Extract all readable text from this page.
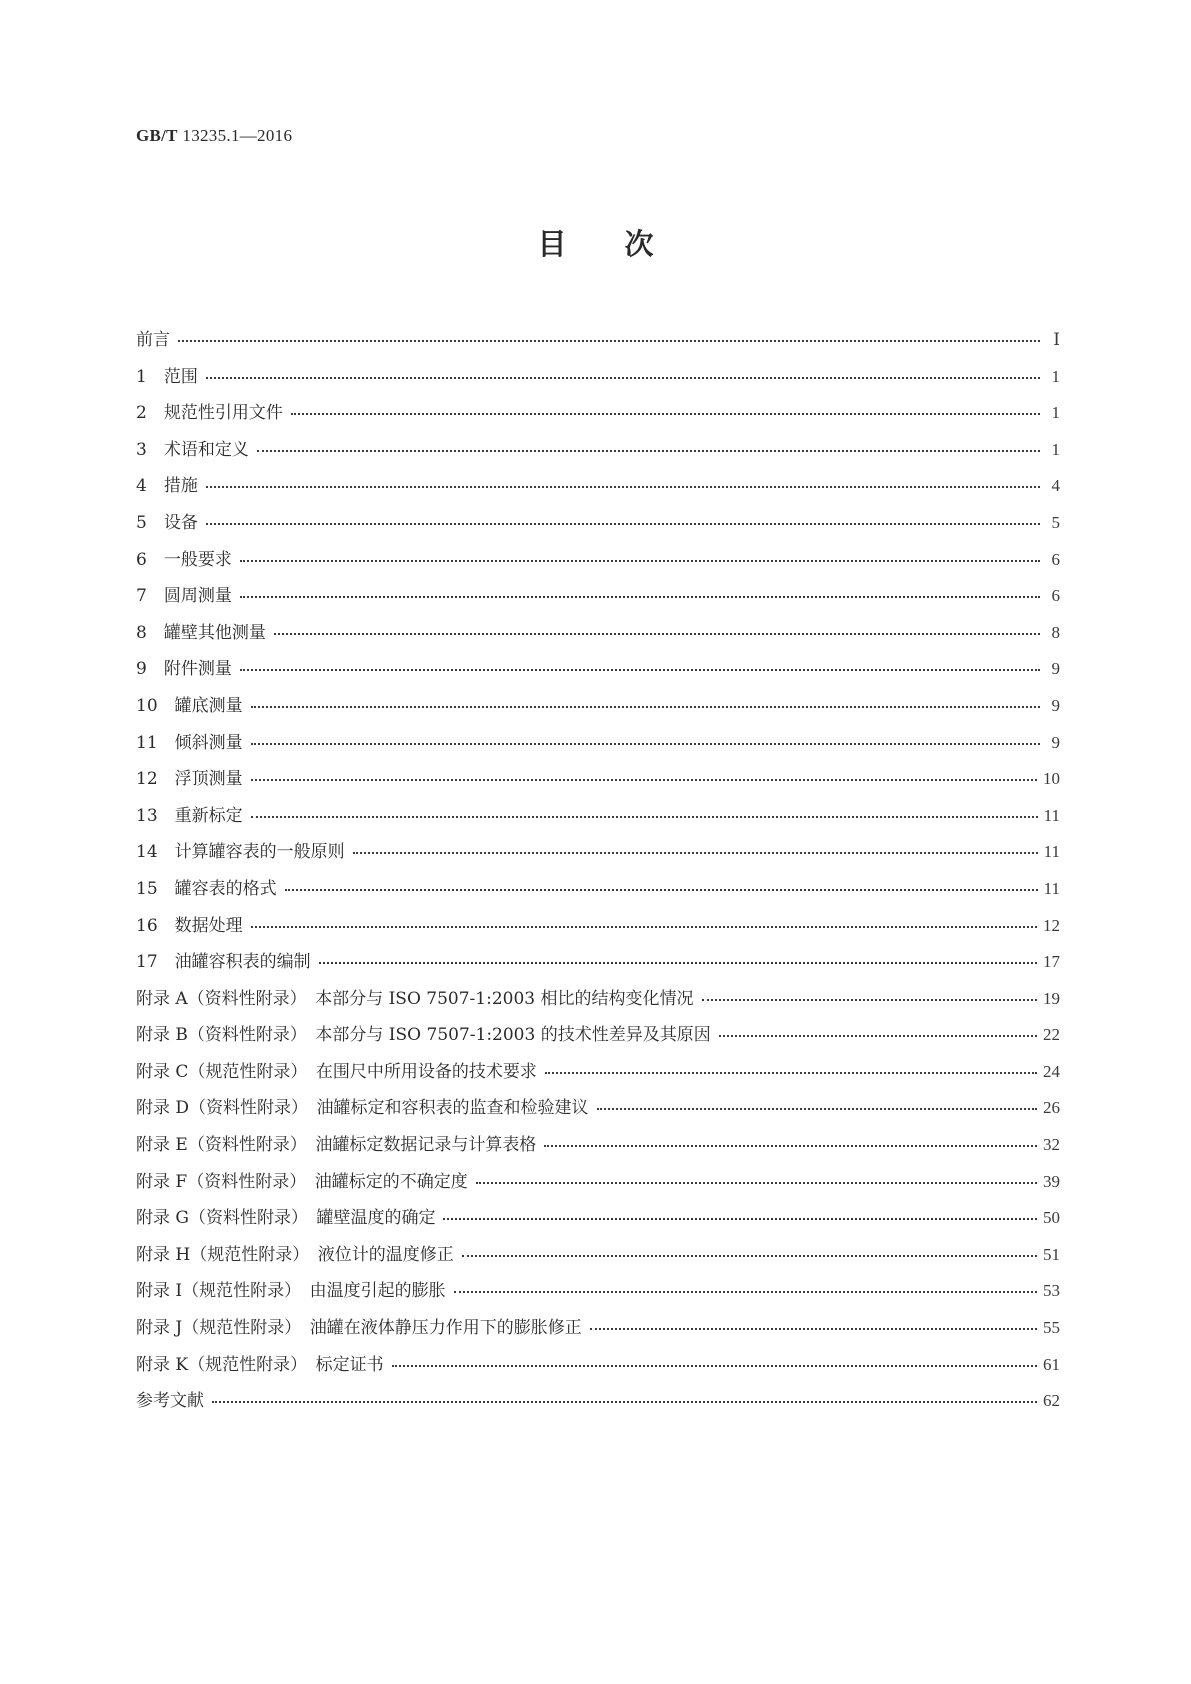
GB/T 13235.1—2016
目次
前言	Ⅰ
1　范围	1
2　规范性引用文件	1
3　术语和定义	1
4　措施	4
5　设备	5
6　一般要求	6
7　圆周测量	6
8　罐壁其他测量	8
9　附件测量	9
10　罐底测量	9
11　倾斜测量	9
12　浮顶测量	10
13　重新标定	11
14　计算罐容表的一般原则	11
15　罐容表的格式	11
16　数据处理	12
17　油罐容积表的编制	17
附录 A（资料性附录）　本部分与 ISO 7507-1:2003 相比的结构变化情况	19
附录 B（资料性附录）　本部分与 ISO 7507-1:2003 的技术性差异及其原因	22
附录 C（规范性附录）　在围尺中所用设备的技术要求	24
附录 D（资料性附录）　油罐标定和容积表的监查和检验建议	26
附录 E（资料性附录）　油罐标定数据记录与计算表格	32
附录 F（资料性附录）　油罐标定的不确定度	39
附录 G（资料性附录）　罐壁温度的确定	50
附录 H（规范性附录）　液位计的温度修正	51
附录 I（规范性附录）　由温度引起的膨胀	53
附录 J（规范性附录）　油罐在液体静压力作用下的膨胀修正	55
附录 K（规范性附录）　标定证书	61
参考文献	62
